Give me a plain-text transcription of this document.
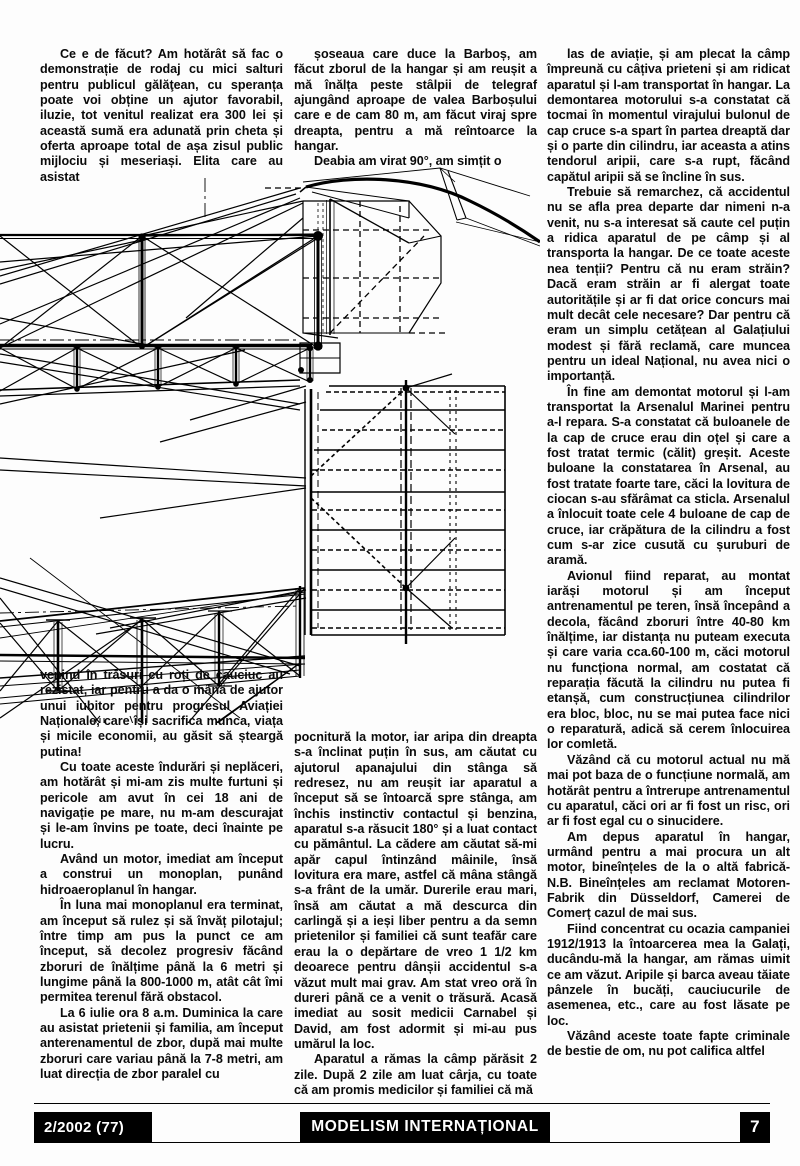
Ce e de făcut? Am hotărât să fac o demonstrație de rodaj cu mici salturi pentru publicul gălăţean, cu speranța poate voi obține un ajutor favorabil, iluzie, tot venitul realizat era 300 lei și această sumă era adunată prin cheta și oferta aproape total de așa zisul public mijlociu și meseriași. Elita care au asistat

șoseaua care duce la Barboș, am făcut zborul de la hangar și am reușit a mă înălța peste stâlpii de telegraf ajungând aproape de valea Barboșului care e de cam 80 m, am făcut viraj spre dreapta, pentru a mă reîntoarce la hangar.

Deabia am virat 90°, am simțit o

las de aviație, și am plecat la câmp împreună cu câțiva prieteni și am ridicat aparatul și l-am transportat în hangar. La demontarea motorului s-a constatat că tocmai în momentul virajului bulonul de cap cruce s-a spart în partea dreaptă dar și o parte din cilindru, iar aceasta a atins tendorul aripii, care s-a rupt, făcând capătul aripii să se încline în sus.

Trebuie să remarchez, că accidentul nu se afla prea departe dar nimeni n-a venit, nu s-a interesat să caute cel puțin a ridica aparatul de pe câmp și al transporta la hangar. De ce toate aceste nea tenții? Pentru că nu eram străin? Dacă eram străin ar fi alergat toate autoritățile și ar fi dat orice concurs mai mult decât cele necesare? Dar pentru că eram un simplu cetățean al Galațiului modest și fără reclamă, care muncea pentru un ideal Național, nu avea nici o importanță.

În fine am demontat motorul și l-am transportat la Arsenalul Marinei pentru a-l repara. S-a constatat că buloanele de la cap de cruce erau din oțel și care a fost tratat termic (călit) greșit. Aceste buloane la constatarea în Arsenal, au fost tratate foarte tare, căci la lovitura de ciocan s-au sfărâmat ca sticla. Arsenalul a înlocuit toate cele 4 buloane de cap de cruce, iar crăpătura de la cilindru a fost cum s-ar zice cusută cu șuruburi de aramă.

Avionul fiind reparat, au montat iarăși motorul și am început antrenamentul pe teren, însă începând a decola, făcând zboruri între 40-80 km înălțime, iar distanța nu puteam executa și care varia cca.60-100 m, căci motorul nu funcționa normal, am costatat că reparația făcută la cilindru nu putea fi etanșă, cum construcțiunea cilindrilor era bloc, bloc, nu se mai putea face nici o reparatură, adică să cerem înlocuirea lor comletă.

Văzând că cu motorul actual nu mă mai pot baza de o funcțiune normală, am hotărât pentru a întrerupe antrenamentul cu aparatul, căci ori ar fi fost un risc, ori ar fi fost egal cu o sinucidere.

Am depus aparatul în hangar, urmând pentru a mai procura un alt motor, bineînțeles de la o altă fabrică-N.B. Bineînțeles am reclamat Motoren-Fabrik din Düsseldorf, Camerei de Comerț cazul de mai sus.

Fiind concentrat cu ocazia campaniei 1912/1913 la întoarcerea mea la Galați, ducându-mă la hangar, am rămas uimit ce am văzut. Aripile și barca aveau tăiate pânzele în bucăți, cauciucurile de asemenea, etc., care au fost lăsate pe loc.

Văzând aceste toate fapte criminale de bestie de om, nu pot califica altfel

venind în trăsuri cu roți de cauciuc au rezistat, iar pentru a da o mână de ajutor unui iubitor pentru progresul Aviației Naționale, care își sacrifica munca, viața și micile economii, au găsit să șteargă putina!

Cu toate aceste îndurări și neplăceri, am hotărât și mi-am zis multe furtuni și pericole am avut în cei 18 ani de navigație pe mare, nu m-am descurajat și le-am învins pe toate, deci înainte pe lucru.

Având un motor, imediat am început a construi un monoplan, punând hidroaeroplanul în hangar.

În luna mai monoplanul era terminat, am început să rulez și să învăț pilotajul; între timp am pus la punct ce am început, să decolez progresiv făcând zboruri de înălțime până la 6 metri și lungime până la 800-1000 m, atât cât îmi permitea terenul fără obstacol.

La 6 iulie ora 8 a.m. Duminica la care au asistat prietenii și familia, am început anterenamentul de zbor, după mai multe zboruri care variau până la 7-8 metri, am luat direcția de zbor paralel cu

pocnitură la motor, iar aripa din dreapta s-a înclinat puțin în sus, am căutat cu ajutorul apanajului din stânga să redresez, nu am reușit iar aparatul a început să se întoarcă spre stânga, am închis instinctiv contactul și benzina, aparatul s-a răsucit 180° și a luat contact cu pământul. La cădere am căutat să-mi apăr capul întinzând mâinile, însă lovitura era mare, astfel că mâna stângă s-a frânt de la umăr. Durerile erau mari, însă am căutat a mă descurca din carlingă și a ieși liber pentru a da semn prietenilor și familiei că sunt teafăr care erau la o depărtare de vreo 1 1/2 km deoarece pentru dânșii accidentul s-a văzut mult mai grav. Am stat vreo oră în dureri până ce a venit o trăsură. Acasă imediat au sosit medicii Carnabel și David, am fost adormit și mi-au pus umărul la loc.

Aparatul a rămas la câmp părăsit 2 zile. După 2 zile am luat cârja, cu toate că am promis medicilor și familiei că mă

2/2002 (77)	MODELISM INTERNAȚIONAL	7
